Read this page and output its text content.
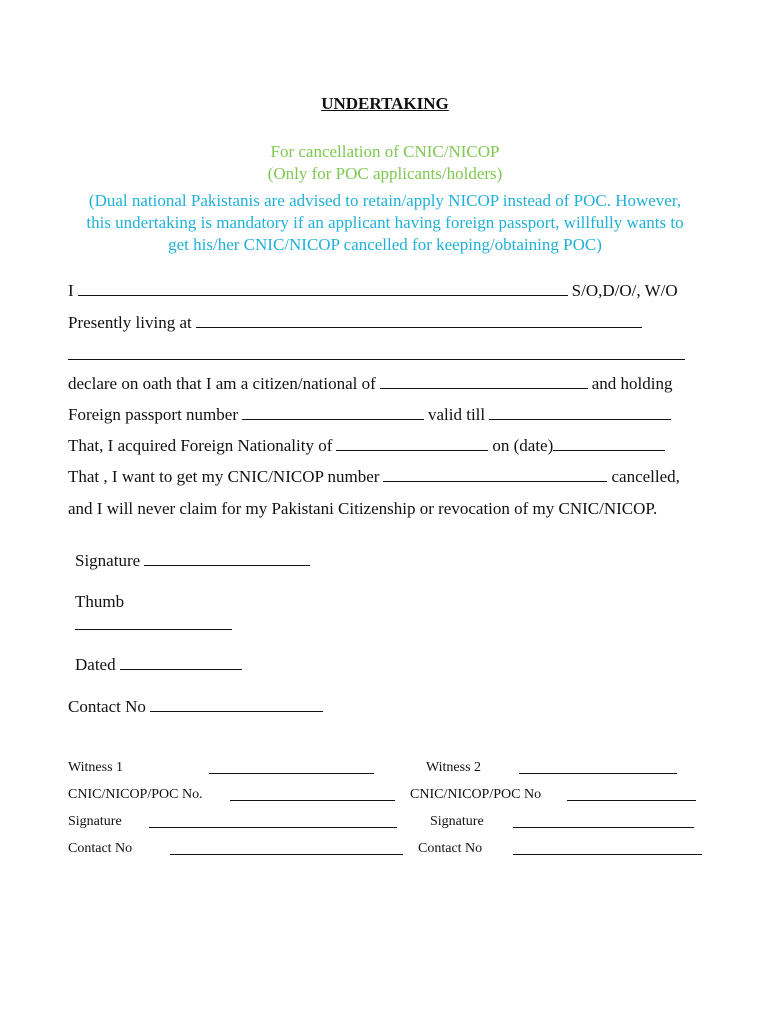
UNDERTAKING
For cancellation of CNIC/NICOP
(Only for POC applicants/holders)
(Dual national Pakistanis are advised to retain/apply NICOP instead of POC. However,
this undertaking is mandatory if an applicant having foreign passport, willfully wants to
get his/her CNIC/NICOP cancelled for keeping/obtaining POC)
I	S/O,D/O/, W/O
Presently living at
declare on oath that I am a citizen/national of	and holding
Foreign passport number	valid till
That, I acquired Foreign Nationality of	on (date)
That , I want to get my CNIC/NICOP number	cancelled,
and I will never claim for my Pakistani Citizenship or revocation of my CNIC/NICOP.
Signature
Thumb
Dated
Contact No
Witness 1	Witness 2
CNIC/NICOP/POC No.	CNIC/NICOP/POC No
Signature	Signature
Contact No	Contact No
